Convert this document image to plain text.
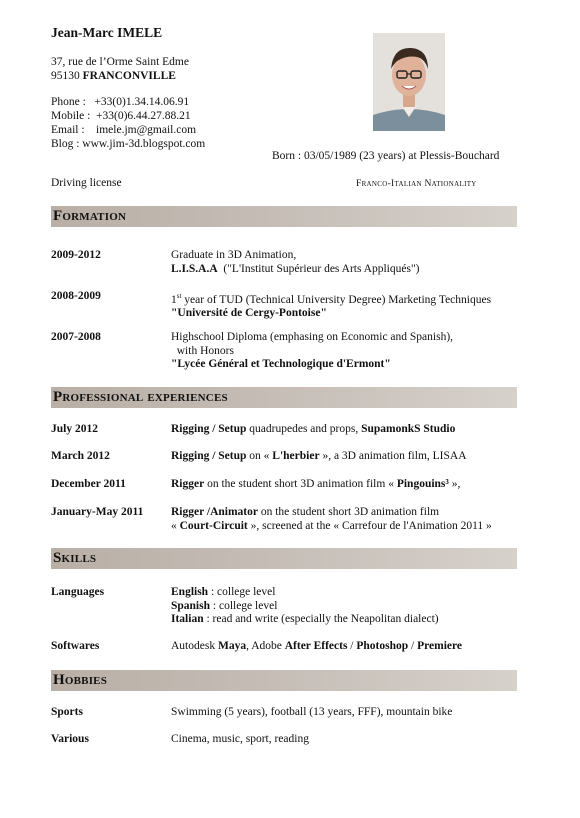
Jean-Marc IMELE
37, rue de l’Orme Saint Edme
95130 FRANCONVILLE
Phone :   +33(0)1.34.14.06.91
Mobile :  +33(0)6.44.27.88.21
Email :    imele.jm@gmail.com
Blog : www.jim-3d.blogspot.com
Born : 03/05/1989 (23 years) at Plessis-Bouchard
Driving license	Franco-Italian Nationality
Formation
2009-2012	Graduate in 3D Animation,
L.I.S.A.A  ("L'Institut Supérieur des Arts Appliqués")
2008-2009	1st year of TUD (Technical University Degree) Marketing Techniques
"Université de Cergy-Pontoise"
2007-2008	Highschool Diploma (emphasing on Economic and Spanish),
with Honors
"Lycée Général et Technologique d'Ermont"
Professional experiences
July 2012	Rigging / Setup quadrupedes and props, SupamonkS Studio
March 2012	Rigging / Setup on « L'herbier », a 3D animation film, LISAA
December 2011	Rigger on the student short 3D animation film « Pingouins³ »,
January-May 2011 Rigger /Animator on the student short 3D animation film
« Court-Circuit », screened at the « Carrefour de l'Animation 2011 »
Skills
Languages	English : college level
Spanish : college level
Italian : read and write (especially the Neapolitan dialect)
Softwares	Autodesk Maya, Adobe After Effects / Photoshop / Premiere
Hobbies
Sports	Swimming (5 years), football (13 years, FFF), mountain bike
Various	Cinema, music, sport, reading
